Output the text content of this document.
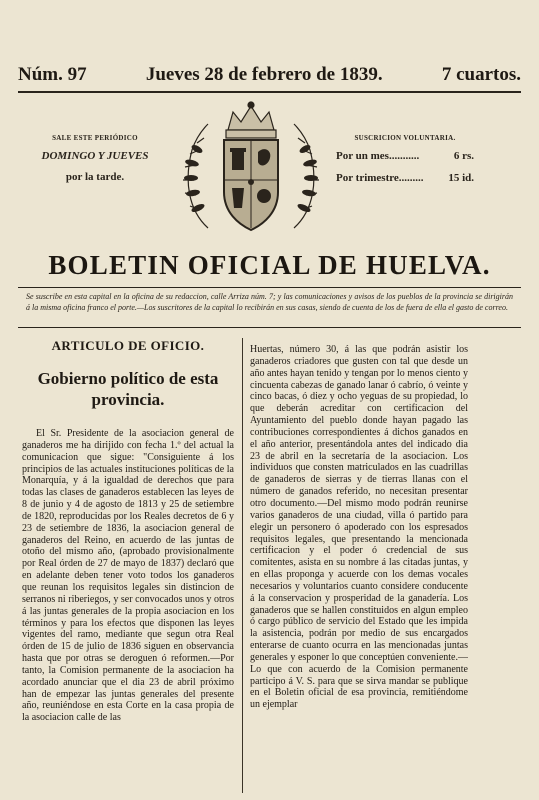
Núm. 97	Jueves 28 de febrero de 1839.	7 cuartos.
SALE ESTE PERIÓDICO
DOMINGO Y JUEVES
por la tarde.
SUSCRICION VOLUNTARIA.
Por un mes...........	6 rs.
Por trimestre......... 15 id.
BOLETIN OFICIAL DE HUELVA.
Se suscribe en esta capital en la oficina de su redaccion, calle Arriza núm. 7; y las comunicaciones y avisos de los pueblos de la provincia se dirigirán á la misma oficina franco el porte.—Los suscritores de la capital lo recibirán en sus casas, siendo de cuenta de los de fuera de ella el gasto de correo.
ARTICULO DE OFICIO.
Gobierno político de esta provincia.

El Sr. Presidente de la asociacion general de ganaderos me ha dirijido con fecha 1.º del actual la comunicacion que sigue: "Consiguiente á los principios de las actuales instituciones políticas de la Monarquía, y á la igualdad de derechos que para todas las clases de ganaderos establecen las leyes de 8 de junio y 4 de agosto de 1813 y 25 de setiembre de 1820, reproducidas por los Reales decretos de 6 y 23 de setiembre de 1836, la asociacion general de ganaderos del Reino, en acuerdo de las juntas de otoño del mismo año, (aprobado provisionalmente por Real órden de 27 de mayo de 1837) declaró que en adelante deben tener voto todos los ganaderos que reunan los requisitos legales sin distincion de serranos ni riberiegos, y ser convocados unos y otros á las juntas generales de la propia asociacion en los términos y para los efectos que disponen las leyes vigentes del ramo, mediante que segun otra Real órden de 15 de julio de 1836 siguen en observancia hasta que por otras se deroguen ó reformen.—Por tanto, la Comision permanente de la asociacion ha acordado anunciar que el dia 23 de abril próximo han de empezar las juntas generales del presente año, reuniéndose en esta Corte en la casa propia de la asociacion calle de las

Huertas, número 30, á las que podrán asistir los ganaderos criadores que gusten con tal que desde un año antes hayan tenido y tengan por lo menos ciento y cincuenta cabezas de ganado lanar ó cabrío, ó veinte y cinco bacas, ó diez y ocho yeguas de su propiedad, lo que deberán acreditar con certificacion del Ayuntamiento del pueblo donde hayan pagado las contribuciones correspondientes á dichos ganados en el año anterior, presentándola antes del indicado dia 23 de abril en la secretaría de la asociacion. Los individuos que consten matriculados en las cuadrillas de ganaderos de sierras y de tierras llanas con el número de ganados referido, no necesitan presentar otro documento.—Del mismo modo podrán reunirse varios ganaderos de una ciudad, villa ó partido para elegir un personero ó apoderado con los espresados requisitos legales, que presentando la mencionada certificacion y el poder ó credencial de sus comitentes, asista en su nombre á las citadas juntas, y en ellas proponga y acuerde con los demas vocales necesarios y voluntarios cuanto considere conducente á la conservacion y prosperidad de la ganadería. Los ganaderos que se hallen constituidos en algun empleo ó cargo público de servicio del Estado que les impida la asistencia, podrán por medio de sus encargados enterarse de cuanto ocurra en las mencionadas juntas generales y esponer lo que conceptúen conveniente.—Lo que con acuerdo de la Comision permanente participo á V. S. para que se sirva mandar se publique en el Boletin oficial de esa provincia, remitiéndome un ejemplar
